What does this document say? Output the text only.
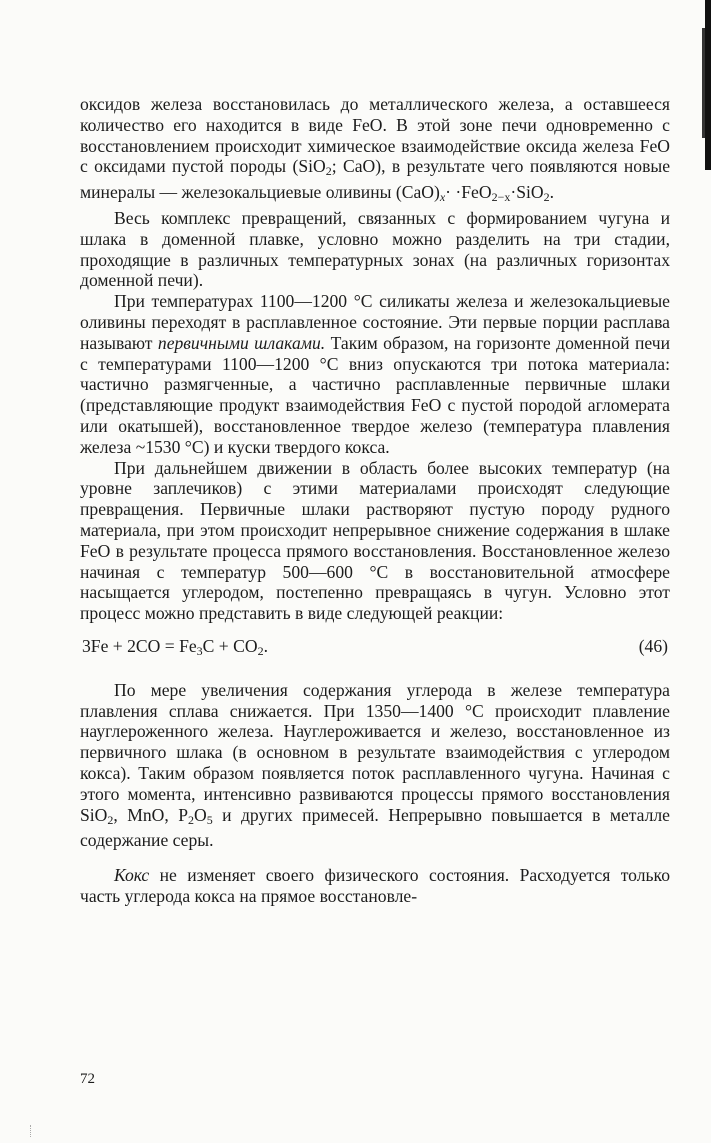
оксидов железа восстановилась до металлического железа, а оставшееся количество его находится в виде FeO. В этой зоне печи одновременно с восстановлением происходит химическое взаимодействие оксида железа FeO с оксидами пустой породы (SiO$_2$; CaO), в результате чего появляются новые минералы — железокальциевые оливины $(CaO)_x\cdot \cdot FeO_{2-x}\cdot SiO_2$.

Весь комплекс превращений, связанных с формированием чугуна и шлака в доменной плавке, условно можно разделить на три стадии, проходящие в различных температурных зонах (на различных горизонтах доменной печи).

При температурах 1100—1200 °C силикаты железа и железокальциевые оливины переходят в расплавленное состояние. Эти первые порции расплава называют первичными шлаками. Таким образом, на горизонте доменной печи с температурами 1100—1200 °C вниз опускаются три потока материала: частично размягченные, а частично расплавленные первичные шлаки (представляющие продукт взаимодействия FeO с пустой породой агломерата или окатышей), восстановленное твердое железо (температура плавления железа ~1530 °C) и куски твердого кокса.

При дальнейшем движении в область более высоких температур (на уровне заплечиков) с этими материалами происходят следующие превращения. Первичные шлаки растворяют пустую породу рудного материала, при этом происходит непрерывное снижение содержания в шлаке FeO в результате процесса прямого восстановления. Восстановленное железо начиная с температур 500—600 °C в восстановительной атмосфере насыщается углеродом, постепенно превращаясь в чугун. Условно этот процесс можно представить в виде следующей реакции:

$3Fe + 2CO = Fe_3C + CO_2$.	(46)

По мере увеличения содержания углерода в железе температура плавления сплава снижается. При 1350—1400 °C происходит плавление науглероженного железа. Науглероживается и железо, восстановленное из первичного шлака (в основном в результате взаимодействия с углеродом кокса). Таким образом появляется поток расплавленного чугуна. Начиная с этого момента, интенсивно развиваются процессы прямого восстановления SiO$_2$, MnO, $P_2O_5$ и других примесей. Непрерывно повышается в металле содержание серы.

Кокс не изменяет своего физического состояния. Расходуется только часть углерода кокса на прямое восстановле-

72
